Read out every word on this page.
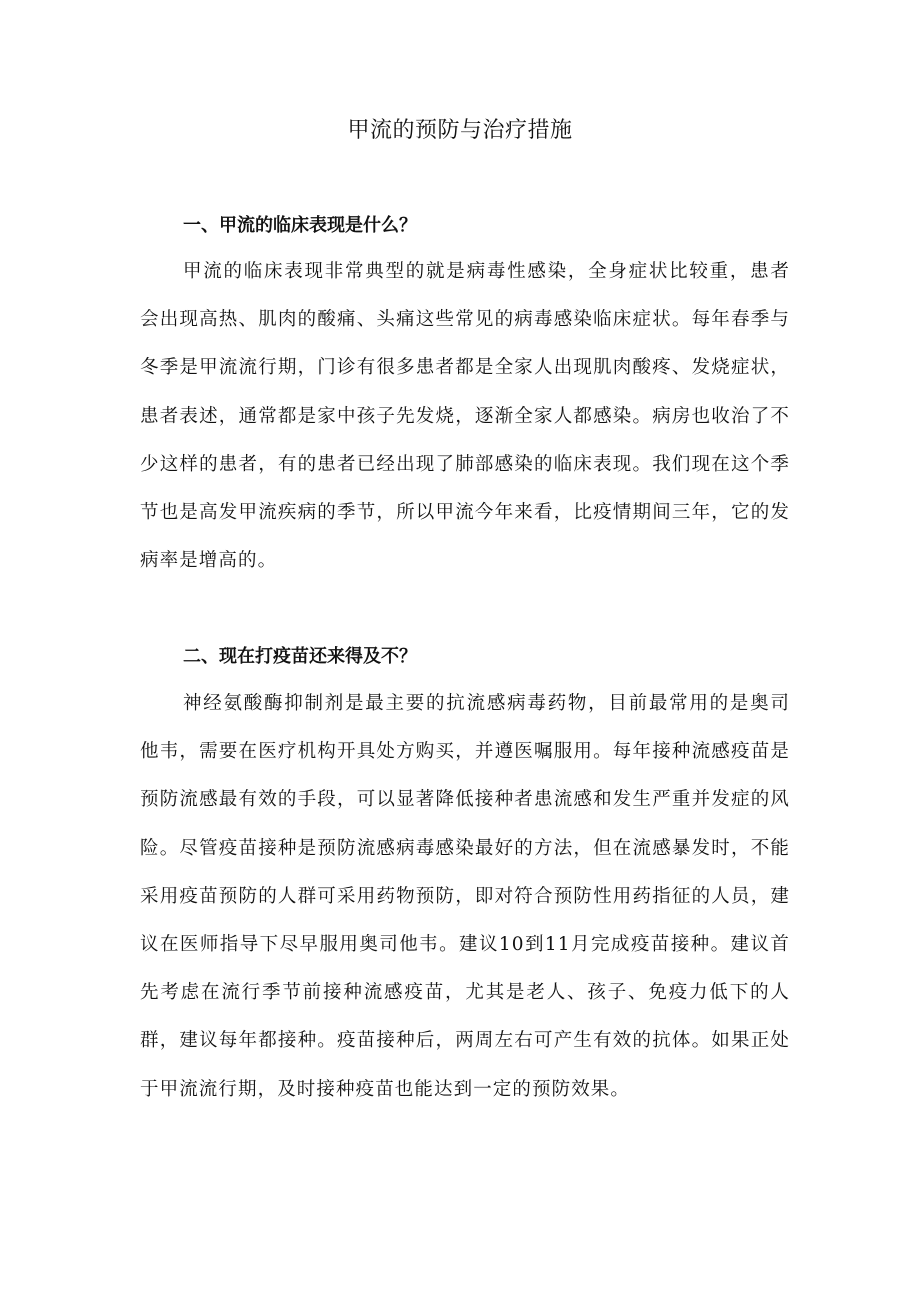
甲流的预防与治疗措施
一、甲流的临床表现是什么？

甲流的临床表现非常典型的就是病毒性感染，全身症状比较重，患者会出现高热、肌肉的酸痛、头痛这些常见的病毒感染临床症状。每年春季与冬季是甲流流行期，门诊有很多患者都是全家人出现肌肉酸疼、发烧症状，患者表述，通常都是家中孩子先发烧，逐渐全家人都感染。病房也收治了不少这样的患者，有的患者已经出现了肺部感染的临床表现。我们现在这个季节也是高发甲流疾病的季节，所以甲流今年来看，比疫情期间三年，它的发病率是增高的。

二、现在打疫苗还来得及不？

神经氨酸酶抑制剂是最主要的抗流感病毒药物，目前最常用的是奥司他韦，需要在医疗机构开具处方购买，并遵医嘱服用。每年接种流感疫苗是预防流感最有效的手段，可以显著降低接种者患流感和发生严重并发症的风险。尽管疫苗接种是预防流感病毒感染最好的方法，但在流感暴发时，不能采用疫苗预防的人群可采用药物预防，即对符合预防性用药指征的人员，建议在医师指导下尽早服用奥司他韦。建议10到11月完成疫苗接种。建议首先考虑在流行季节前接种流感疫苗，尤其是老人、孩子、免疫力低下的人群，建议每年都接种。疫苗接种后，两周左右可产生有效的抗体。如果正处于甲流流行期，及时接种疫苗也能达到一定的预防效果。
